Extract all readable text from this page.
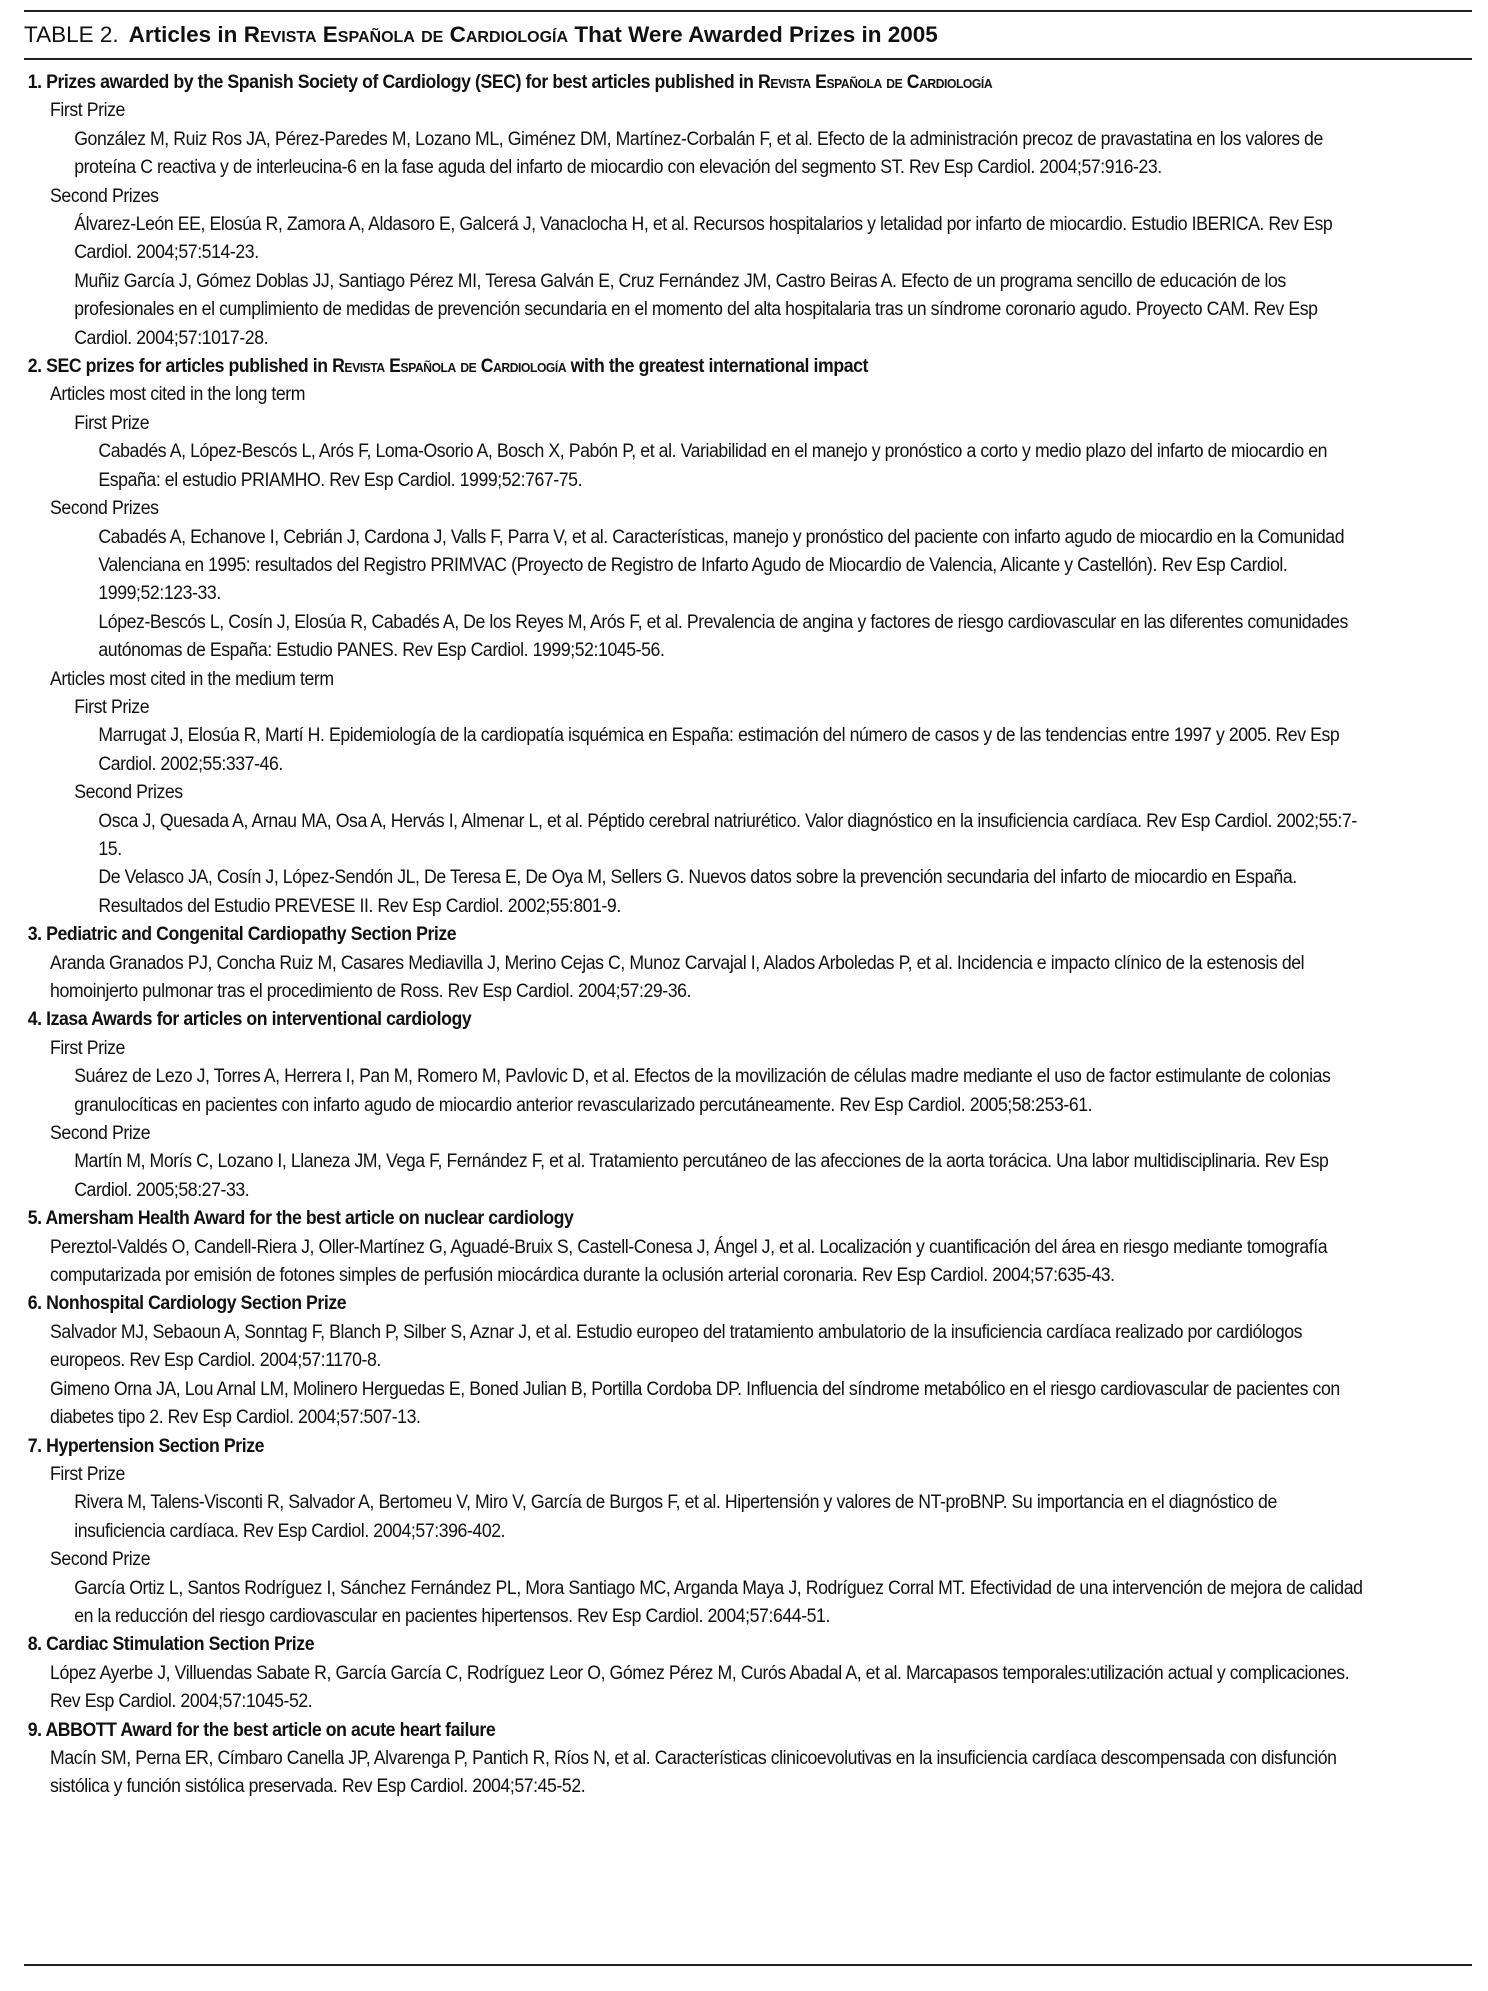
TABLE 2. Articles in Revista Española de Cardiología That Were Awarded Prizes in 2005

1. Prizes awarded by the Spanish Society of Cardiology (SEC) for best articles published in Revista Española de Cardiología

First Prize

González M, Ruiz Ros JA, Pérez-Paredes M, Lozano ML, Giménez DM, Martínez-Corbalán F, et al. Efecto de la administración precoz de pravastatina en los valores de proteína C reactiva y de interleucina-6 en la fase aguda del infarto de miocardio con elevación del segmento ST. Rev Esp Cardiol. 2004;57:916-23.

Second Prizes

Álvarez-León EE, Elosúa R, Zamora A, Aldasoro E, Galcerá J, Vanaclocha H, et al. Recursos hospitalarios y letalidad por infarto de miocardio. Estudio IBERICA. Rev Esp Cardiol. 2004;57:514-23.

Muñiz García J, Gómez Doblas JJ, Santiago Pérez MI, Teresa Galván E, Cruz Fernández JM, Castro Beiras A. Efecto de un programa sencillo de educación de los profesionales en el cumplimiento de medidas de prevención secundaria en el momento del alta hospitalaria tras un síndrome coronario agudo. Proyecto CAM. Rev Esp Cardiol. 2004;57:1017-28.

2. SEC prizes for articles published in Revista Española de Cardiología with the greatest international impact

Articles most cited in the long term

First Prize

Cabadés A, López-Bescós L, Arós F, Loma-Osorio A, Bosch X, Pabón P, et al. Variabilidad en el manejo y pronóstico a corto y medio plazo del infarto de miocardio en España: el estudio PRIAMHO. Rev Esp Cardiol. 1999;52:767-75.

Second Prizes

Cabadés A, Echanove I, Cebrián J, Cardona J, Valls F, Parra V, et al. Características, manejo y pronóstico del paciente con infarto agudo de miocardio en la Comunidad Valenciana en 1995: resultados del Registro PRIMVAC (Proyecto de Registro de Infarto Agudo de Miocardio de Valencia, Alicante y Castellón). Rev Esp Cardiol. 1999;52:123-33.

López-Bescós L, Cosín J, Elosúa R, Cabadés A, De los Reyes M, Arós F, et al. Prevalencia de angina y factores de riesgo cardiovascular en las diferentes comunidades autónomas de España: Estudio PANES. Rev Esp Cardiol. 1999;52:1045-56.

Articles most cited in the medium term

First Prize

Marrugat J, Elosúa R, Martí H. Epidemiología de la cardiopatía isquémica en España: estimación del número de casos y de las tendencias entre 1997 y 2005. Rev Esp Cardiol. 2002;55:337-46.

Second Prizes

Osca J, Quesada A, Arnau MA, Osa A, Hervás I, Almenar L, et al. Péptido cerebral natriurético. Valor diagnóstico en la insuficiencia cardíaca. Rev Esp Cardiol. 2002;55:7-15.

De Velasco JA, Cosín J, López-Sendón JL, De Teresa E, De Oya M, Sellers G. Nuevos datos sobre la prevención secundaria del infarto de miocardio en España. Resultados del Estudio PREVESE II. Rev Esp Cardiol. 2002;55:801-9.

3. Pediatric and Congenital Cardiopathy Section Prize

Aranda Granados PJ, Concha Ruiz M, Casares Mediavilla J, Merino Cejas C, Munoz Carvajal I, Alados Arboledas P, et al. Incidencia e impacto clínico de la estenosis del homoinjerto pulmonar tras el procedimiento de Ross. Rev Esp Cardiol. 2004;57:29-36.

4. Izasa Awards for articles on interventional cardiology

First Prize

Suárez de Lezo J, Torres A, Herrera I, Pan M, Romero M, Pavlovic D, et al. Efectos de la movilización de células madre mediante el uso de factor estimulante de colonias granulocíticas en pacientes con infarto agudo de miocardio anterior revascularizado percutáneamente. Rev Esp Cardiol. 2005;58:253-61.

Second Prize

Martín M, Morís C, Lozano I, Llaneza JM, Vega F, Fernández F, et al. Tratamiento percutáneo de las afecciones de la aorta torácica. Una labor multidisciplinaria. Rev Esp Cardiol. 2005;58:27-33.

5. Amersham Health Award for the best article on nuclear cardiology

Pereztol-Valdés O, Candell-Riera J, Oller-Martínez G, Aguadé-Bruix S, Castell-Conesa J, Ángel J, et al. Localización y cuantificación del área en riesgo mediante tomografía computarizada por emisión de fotones simples de perfusión miocárdica durante la oclusión arterial coronaria. Rev Esp Cardiol. 2004;57:635-43.

6. Nonhospital Cardiology Section Prize

Salvador MJ, Sebaoun A, Sonntag F, Blanch P, Silber S, Aznar J, et al. Estudio europeo del tratamiento ambulatorio de la insuficiencia cardíaca realizado por cardiólogos europeos. Rev Esp Cardiol. 2004;57:1170-8.

Gimeno Orna JA, Lou Arnal LM, Molinero Herguedas E, Boned Julian B, Portilla Cordoba DP. Influencia del síndrome metabólico en el riesgo cardiovascular de pacientes con diabetes tipo 2. Rev Esp Cardiol. 2004;57:507-13.

7. Hypertension Section Prize

First Prize

Rivera M, Talens-Visconti R, Salvador A, Bertomeu V, Miro V, García de Burgos F, et al. Hipertensión y valores de NT-proBNP. Su importancia en el diagnóstico de insuficiencia cardíaca. Rev Esp Cardiol. 2004;57:396-402.

Second Prize

García Ortiz L, Santos Rodríguez I, Sánchez Fernández PL, Mora Santiago MC, Arganda Maya J, Rodríguez Corral MT. Efectividad de una intervención de mejora de calidad en la reducción del riesgo cardiovascular en pacientes hipertensos. Rev Esp Cardiol. 2004;57:644-51.

8. Cardiac Stimulation Section Prize

López Ayerbe J, Villuendas Sabate R, García García C, Rodríguez Leor O, Gómez Pérez M, Curós Abadal A, et al. Marcapasos temporales:utilización actual y complicaciones. Rev Esp Cardiol. 2004;57:1045-52.

9. ABBOTT Award for the best article on acute heart failure

Macín SM, Perna ER, Címbaro Canella JP, Alvarenga P, Pantich R, Ríos N, et al. Características clinicoevolutivas en la insuficiencia cardíaca descompensada con disfunción sistólica y función sistólica preservada. Rev Esp Cardiol. 2004;57:45-52.
